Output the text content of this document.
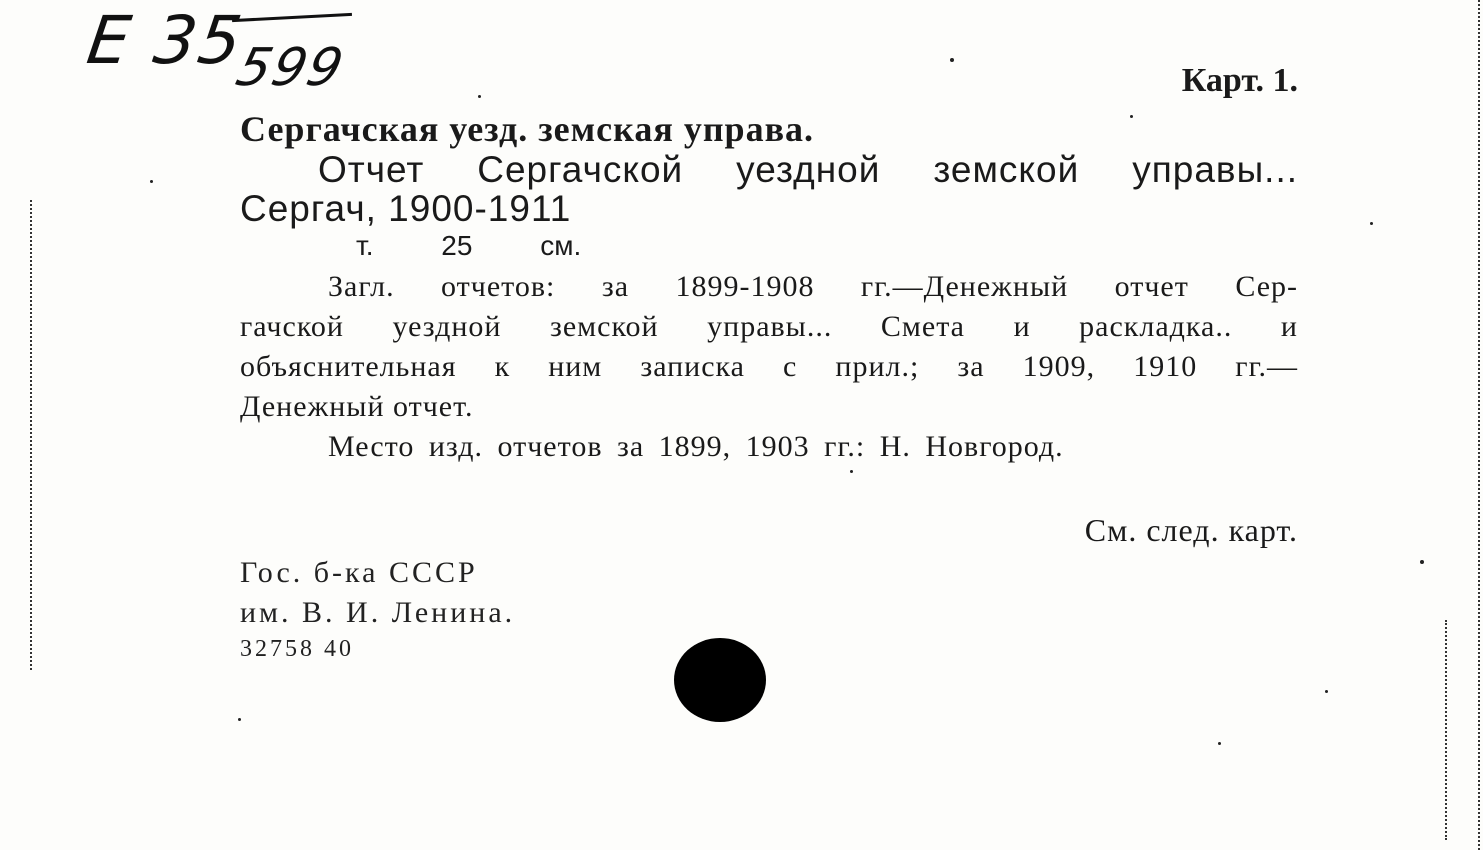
E 35
599	Карт. 1.
Сергачская уезд. земская управа.
Отчет Сергачской уездной земской управы...
Сергач, 1900-1911
т. 25 см.
Загл. отчетов: за 1899-1908 гг.—Денежный отчет Сер-
гачской уездной земской управы... Смета и раскладка.. и
объяснительная к ним записка с прил.; за 1909, 1910 гг.—
Денежный отчет.
Место изд. отчетов за 1899, 1903 гг.: Н. Новгород.
См. след. карт.
Гос. б-ка СССР
им. В. И. Ленина.
32758 40
